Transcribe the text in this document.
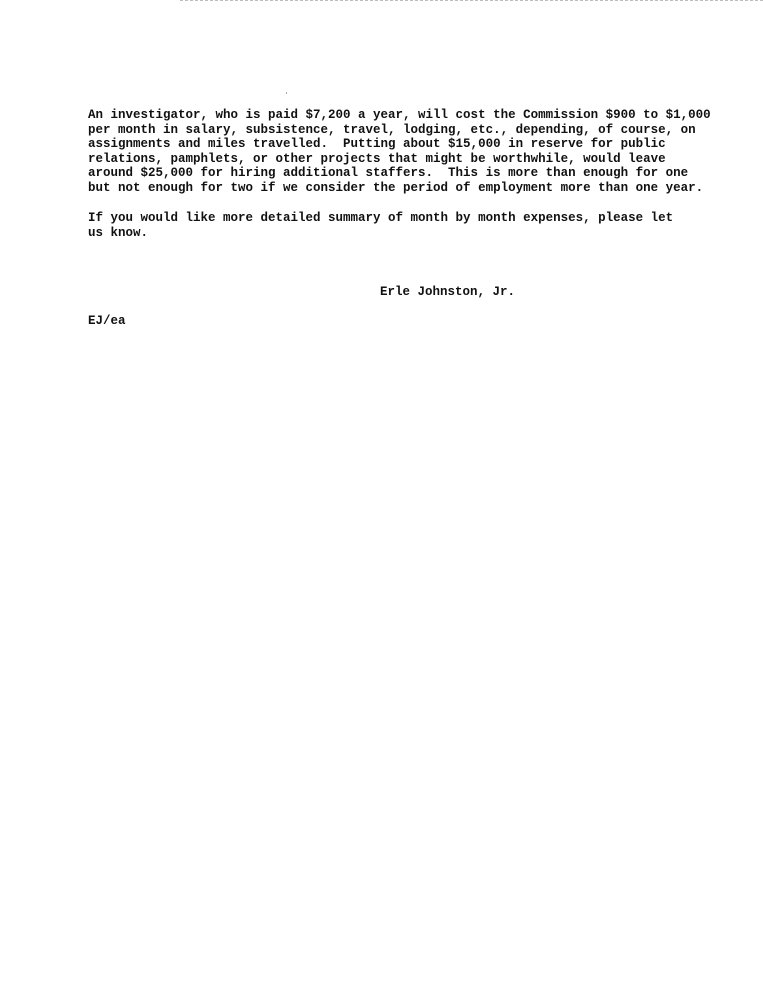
An investigator, who is paid $7,200 a year, will cost the Commission $900 to $1,000
per month in salary, subsistence, travel, lodging, etc., depending, of course, on
assignments and miles travelled.  Putting about $15,000 in reserve for public
relations, pamphlets, or other projects that might be worthwhile, would leave
around $25,000 for hiring additional staffers.  This is more than enough for one
but not enough for two if we consider the period of employment more than one year.
If you would like more detailed summary of month by month expenses, please let
us know.
Erle Johnston, Jr.
EJ/ea
